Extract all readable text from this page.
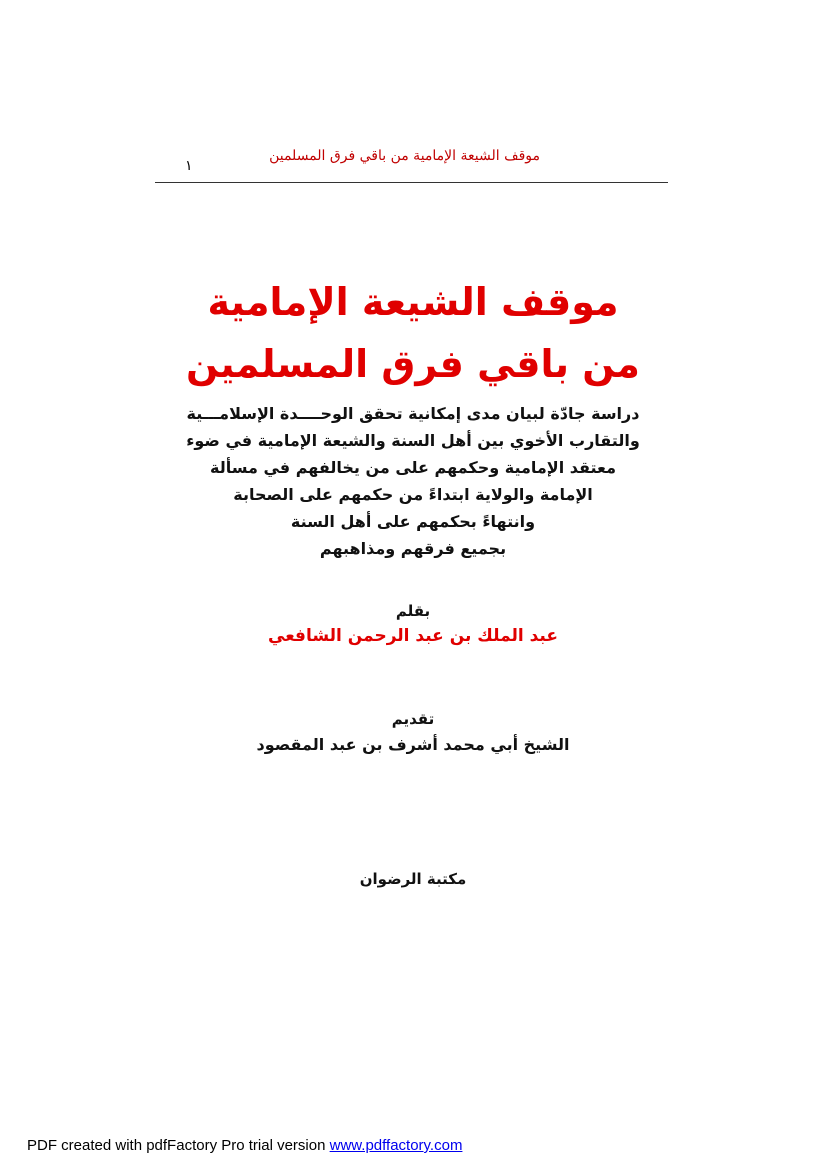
موقف الشيعة الإمامية من باقي فرق المسلمين
١
موقف الشيعة الإمامية
من باقي فرق المسلمين
دراسة جادّة لبيان مدى إمكانية تحقق الوحــــدة الإسلامـــية
والتقارب الأخوي بين أهل السنة والشيعة الإمامية في ضوء
معتقد الإمامية وحكمهم على من يخالفهم في مسألة
الإمامة والولاية ابتداءً من حكمهم على الصحابة
وانتهاءً بحكمهم على أهل السنة
بجميع فرقهم ومذاهبهم
بقلم
عبد الملك بن عبد الرحمن الشافعي
تقديم
الشيخ أبي محمد أشرف بن عبد المقصود
مكتبة الرضوان
PDF created with pdfFactory Pro trial version www.pdffactory.com
